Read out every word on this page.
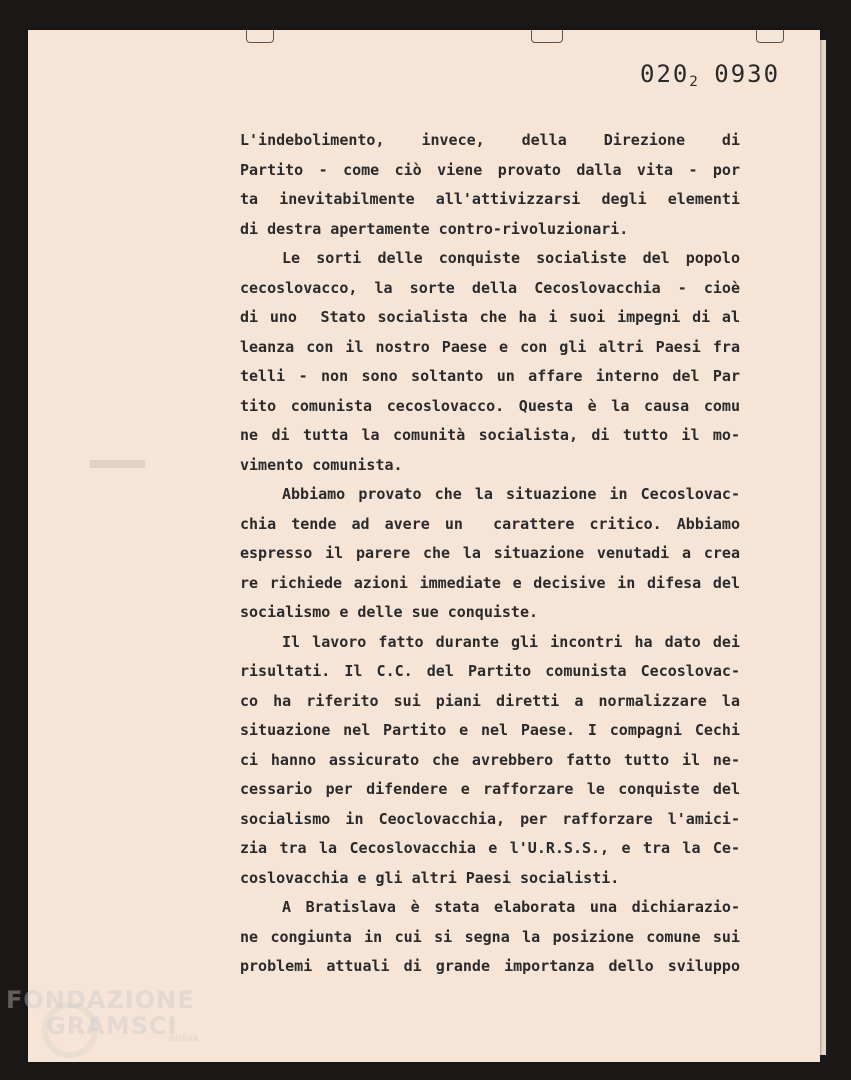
0202 0930
L'indebolimento, invece, della Direzione di
Partito - come ciò viene provato dalla vita - por
ta inevitabilmente all'attivizzarsi degli elementi
di destra apertamente contro-rivoluzionari.
Le sorti delle conquiste socialiste del popolo
cecoslovacco, la sorte della Cecoslovacchia - cioè
di uno  Stato socialista che ha i suoi impegni di al
leanza con il nostro Paese e con gli altri Paesi fra
telli - non sono soltanto un affare interno del Par
tito comunista cecoslovacco. Questa è la causa comu
ne di tutta la comunità socialista, di tutto il mo-
vimento comunista.
Abbiamo provato che la situazione in Cecoslovac-
chia tende ad avere un  carattere critico. Abbiamo
espresso il parere che la situazione venutadi a crea
re richiede azioni immediate e decisive in difesa del
socialismo e delle sue conquiste.
Il lavoro fatto durante gli incontri ha dato dei
risultati. Il C.C. del Partito comunista Cecoslovac-
co ha riferito sui piani diretti a normalizzare la
situazione nel Partito e nel Paese. I compagni Cechi
ci hanno assicurato che avrebbero fatto tutto il ne-
cessario per difendere e rafforzare le conquiste del
socialismo in Ceoclovacchia, per rafforzare l'amici-
zia tra la Cecoslovacchia e l'U.R.S.S., e tra la Ce-
coslovacchia e gli altri Paesi socialisti.
A Bratislava è stata elaborata una dichiarazio-
ne congiunta in cui si segna la posizione comune sui
problemi attuali di grande importanza dello sviluppo
FONDAZIONE
GRAMSCI
onlus
